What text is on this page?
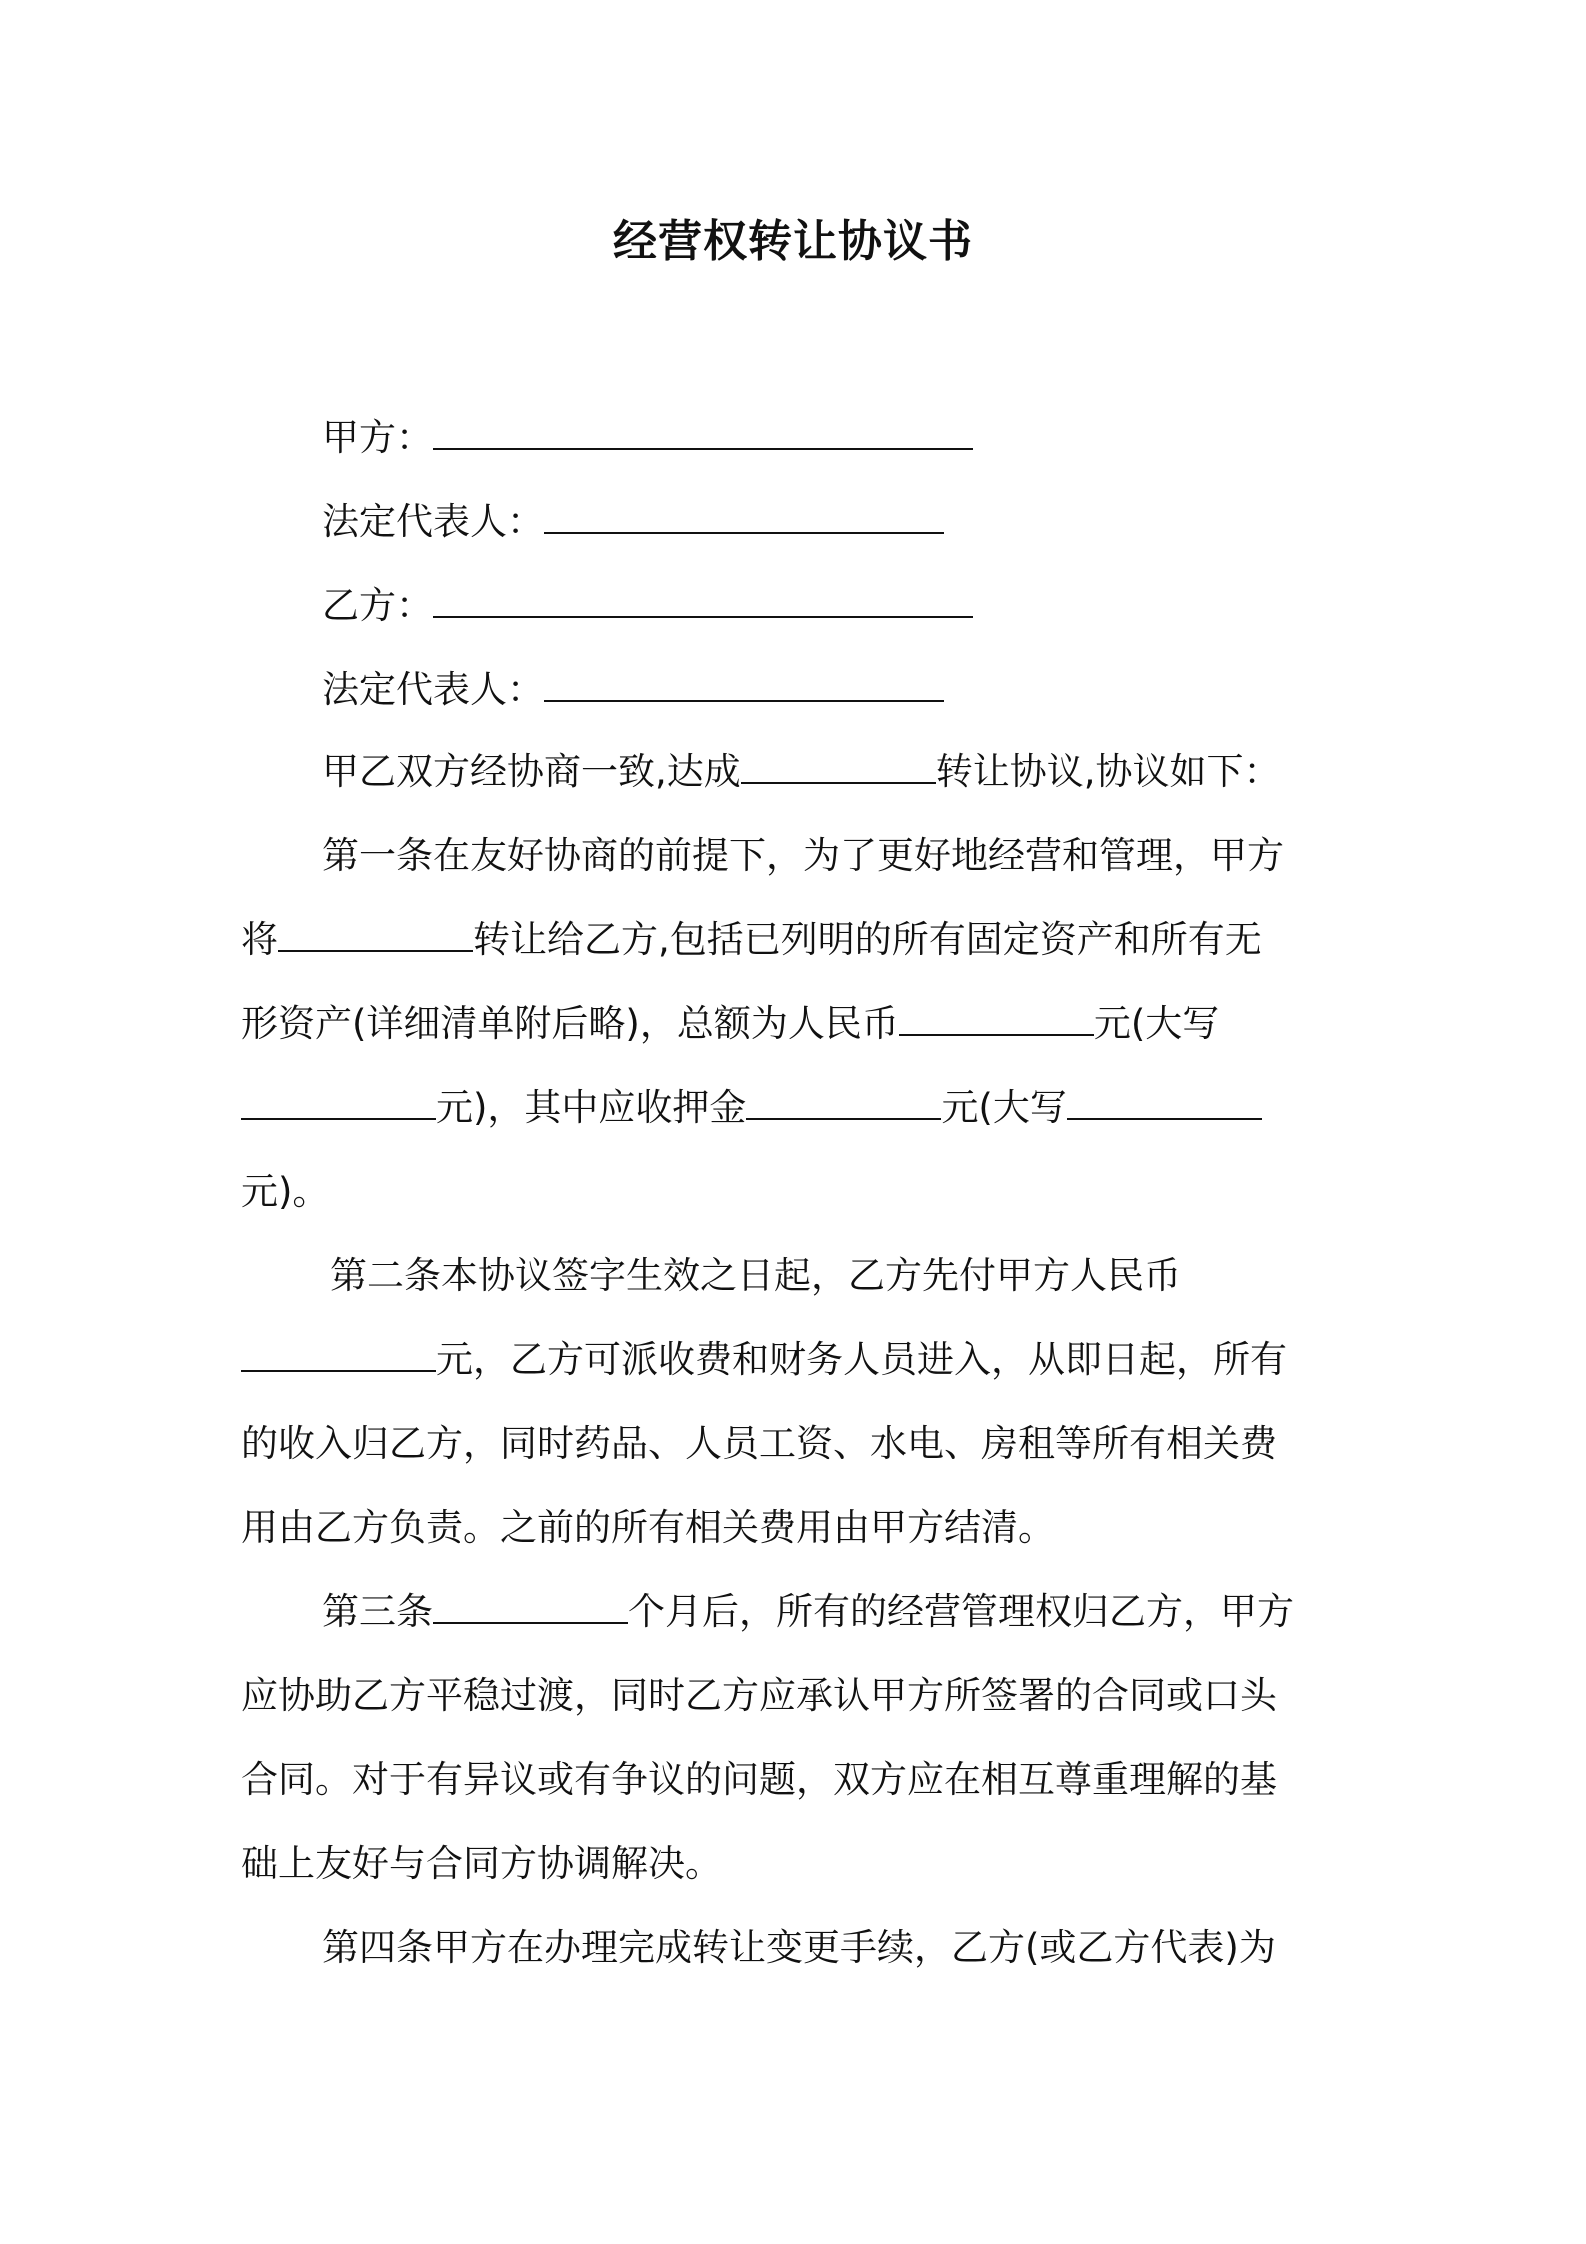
经营权转让协议书
甲方：
法定代表人：
乙方：
法定代表人：
甲乙双方经协商一致,达成	转让协议,协议如下：
第一条在友好协商的前提下，为了更好地经营和管理，甲方
将	转让给乙方,包括已列明的所有固定资产和所有无
形资产(详细清单附后略)，总额为人民币	元(大写
元)，其中应收押金	元(大写
元)。
第二条本协议签字生效之日起，乙方先付甲方人民币
元，乙方可派收费和财务人员进入，从即日起，所有
的收入归乙方，同时药品、人员工资、水电、房租等所有相关费
用由乙方负责。之前的所有相关费用由甲方结清。
第三条	个月后，所有的经营管理权归乙方，甲方
应协助乙方平稳过渡，同时乙方应承认甲方所签署的合同或口头
合同。对于有异议或有争议的问题，双方应在相互尊重理解的基
础上友好与合同方协调解决。
第四条甲方在办理完成转让变更手续，乙方(或乙方代表)为
